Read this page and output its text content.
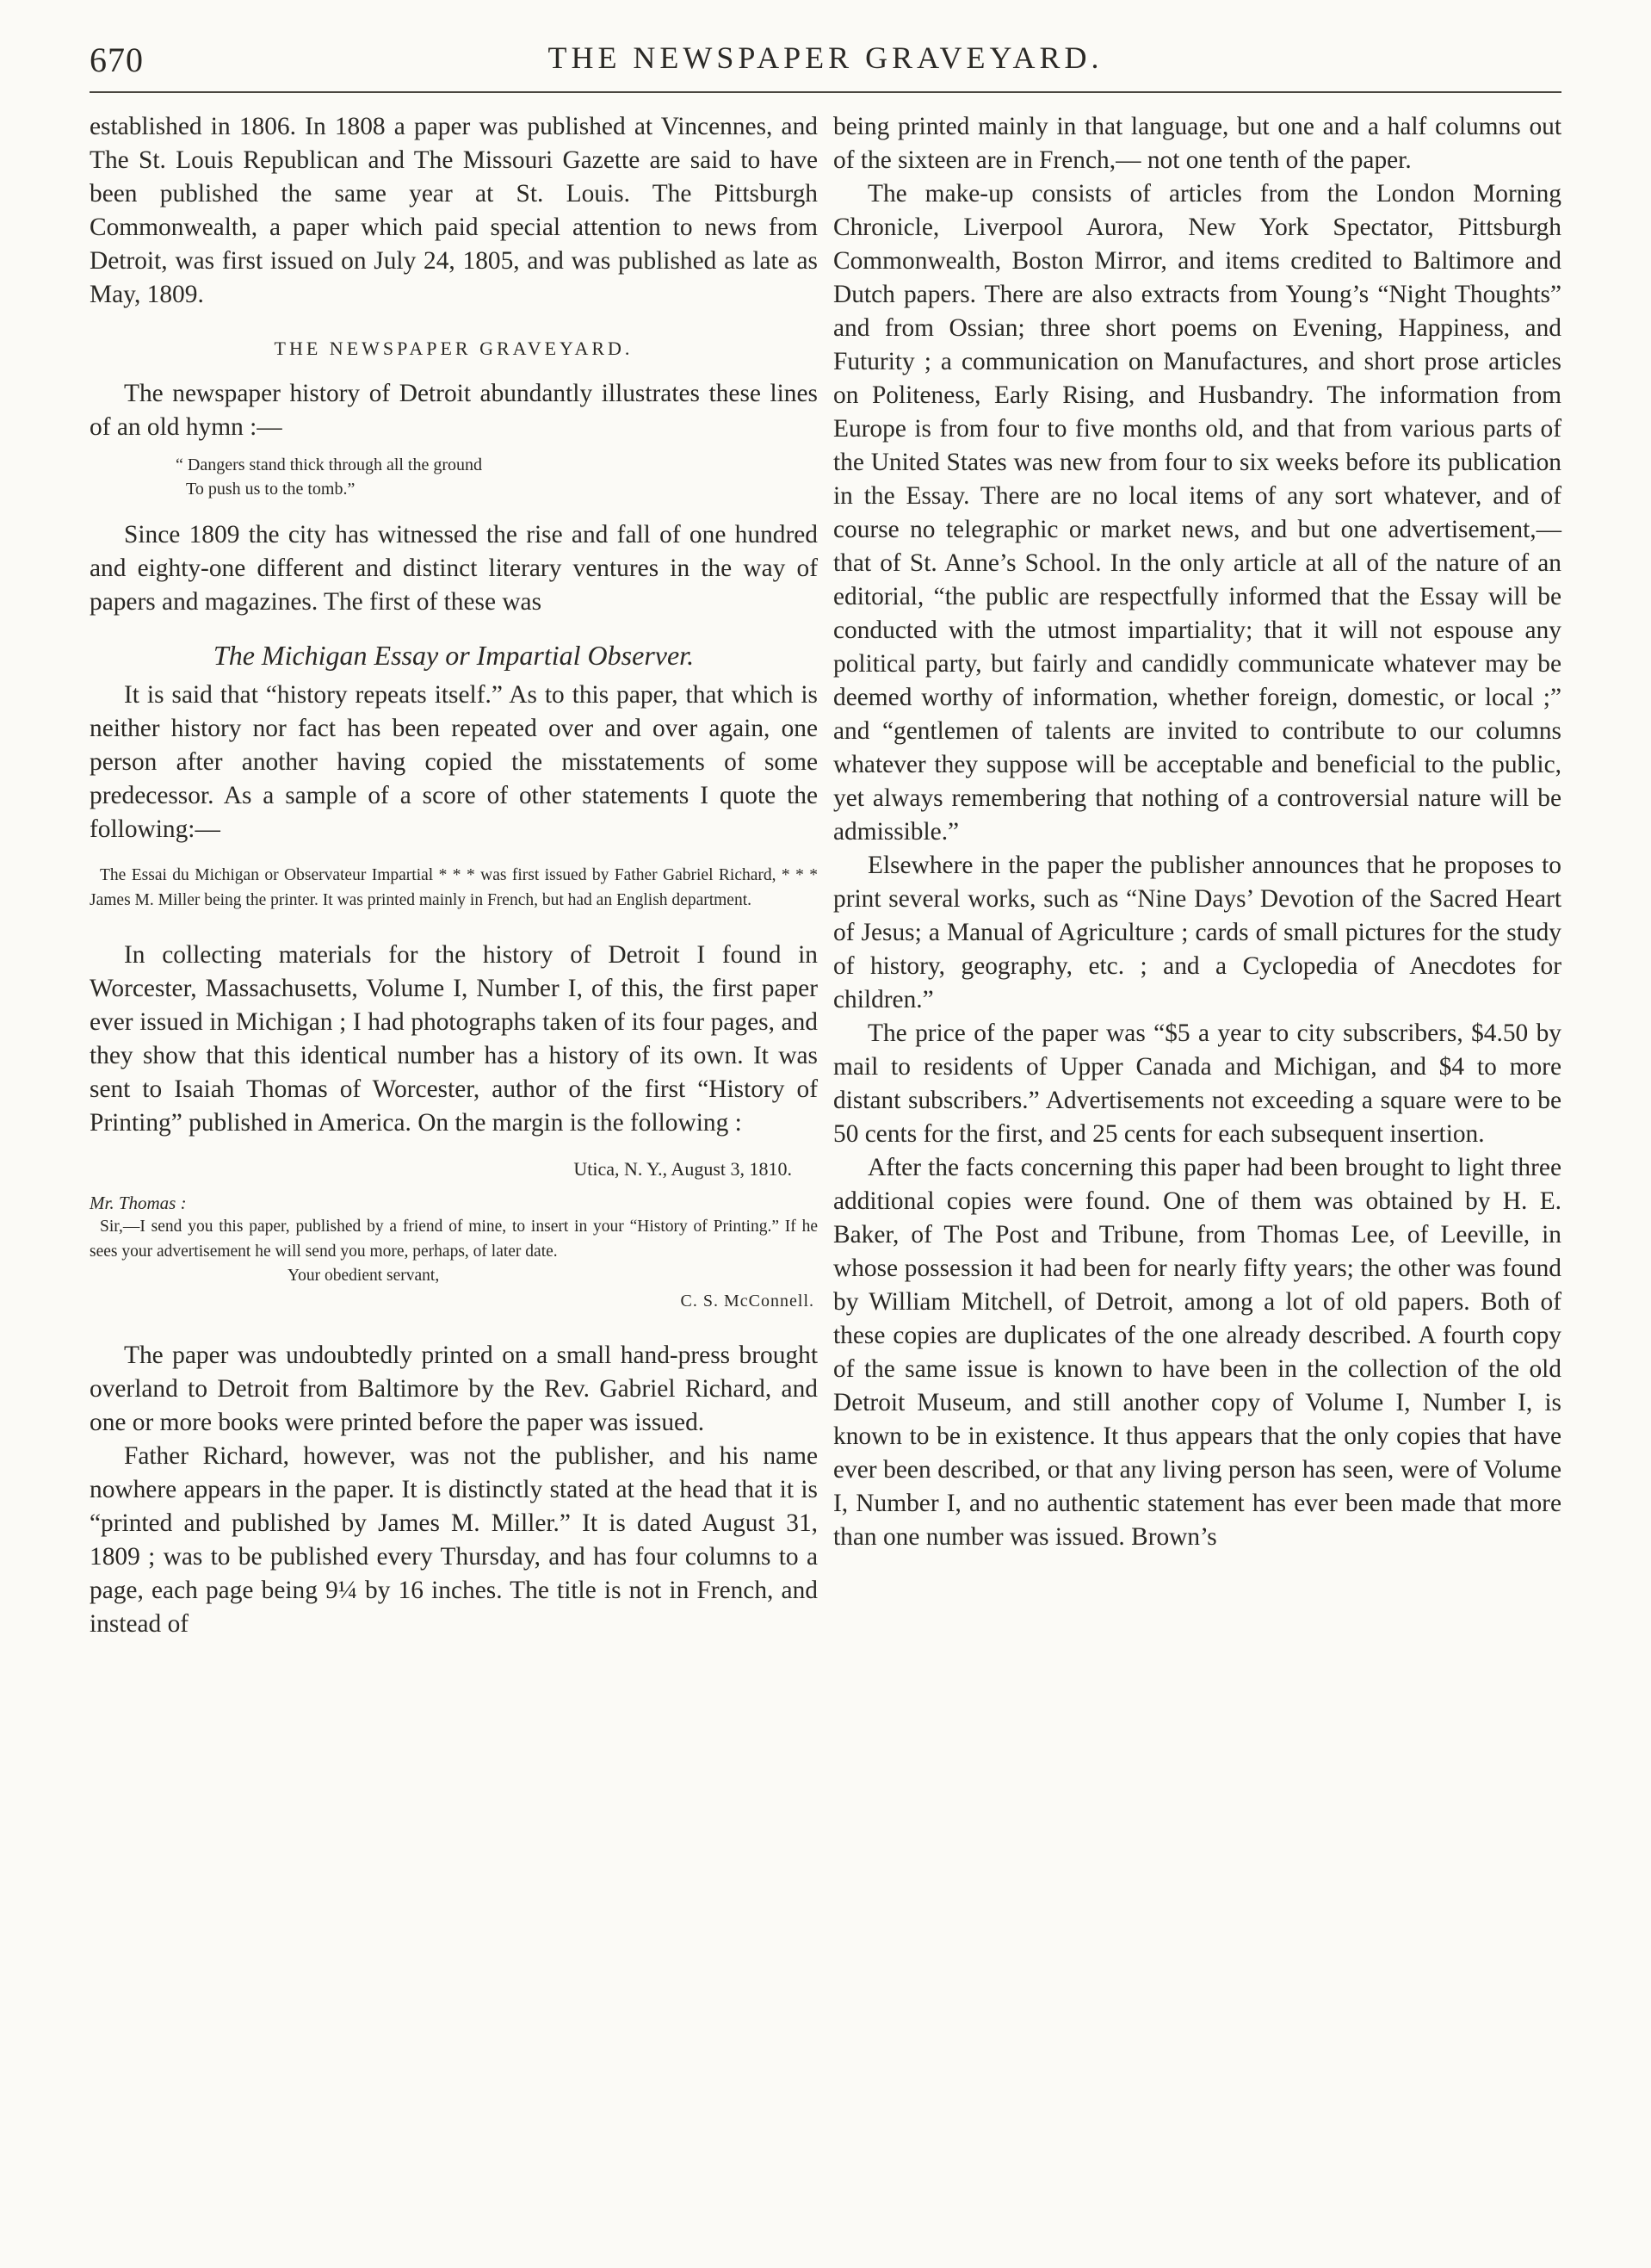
670	THE NEWSPAPER GRAVEYARD.

established in 1806. In 1808 a paper was published at Vincennes, and The St. Louis Republican and The Missouri Gazette are said to have been published the same year at St. Louis. The Pittsburgh Commonwealth, a paper which paid special attention to news from Detroit, was first issued on July 24, 1805, and was published as late as May, 1809.

THE NEWSPAPER GRAVEYARD.

The newspaper history of Detroit abundantly illustrates these lines of an old hymn :—

“ Dangers stand thick through all the ground
To push us to the tomb.”

Since 1809 the city has witnessed the rise and fall of one hundred and eighty-one different and distinct literary ventures in the way of papers and magazines. The first of these was

The Michigan Essay or Impartial Observer.

It is said that “history repeats itself.” As to this paper, that which is neither history nor fact has been repeated over and over again, one person after another having copied the misstatements of some predecessor. As a sample of a score of other statements I quote the following:—

The Essai du Michigan or Observateur Impartial * * * was first issued by Father Gabriel Richard, * * * James M. Miller being the printer. It was printed mainly in French, but had an English department.

In collecting materials for the history of Detroit I found in Worcester, Massachusetts, Volume I, Number I, of this, the first paper ever issued in Michigan ; I had photographs taken of its four pages, and they show that this identical number has a history of its own. It was sent to Isaiah Thomas of Worcester, author of the first “History of Printing” published in America. On the margin is the following :

Utica, N. Y., August 3, 1810.
Mr. Thomas :
Sir,—I send you this paper, published by a friend of mine, to insert in your “History of Printing.” If he sees your advertisement he will send you more, perhaps, of later date.
Your obedient servant,
C. S. McConnell.

The paper was undoubtedly printed on a small hand-press brought overland to Detroit from Baltimore by the Rev. Gabriel Richard, and one or more books were printed before the paper was issued.

Father Richard, however, was not the publisher, and his name nowhere appears in the paper. It is distinctly stated at the head that it is “printed and published by James M. Miller.” It is dated August 31, 1809 ; was to be published every Thursday, and has four columns to a page, each page being 9¼ by 16 inches. The title is not in French, and instead of

being printed mainly in that language, but one and a half columns out of the sixteen are in French,— not one tenth of the paper.

The make-up consists of articles from the London Morning Chronicle, Liverpool Aurora, New York Spectator, Pittsburgh Commonwealth, Boston Mirror, and items credited to Baltimore and Dutch papers. There are also extracts from Young’s “Night Thoughts” and from Ossian; three short poems on Evening, Happiness, and Futurity ; a communication on Manufactures, and short prose articles on Politeness, Early Rising, and Husbandry. The information from Europe is from four to five months old, and that from various parts of the United States was new from four to six weeks before its publication in the Essay. There are no local items of any sort whatever, and of course no telegraphic or market news, and but one advertisement,— that of St. Anne’s School. In the only article at all of the nature of an editorial, “the public are respectfully informed that the Essay will be conducted with the utmost impartiality; that it will not espouse any political party, but fairly and candidly communicate whatever may be deemed worthy of information, whether foreign, domestic, or local ;” and “gentlemen of talents are invited to contribute to our columns whatever they suppose will be acceptable and beneficial to the public, yet always remembering that nothing of a controversial nature will be admissible.”

Elsewhere in the paper the publisher announces that he proposes to print several works, such as “Nine Days’ Devotion of the Sacred Heart of Jesus; a Manual of Agriculture ; cards of small pictures for the study of history, geography, etc. ; and a Cyclopedia of Anecdotes for children.”

The price of the paper was “$5 a year to city subscribers, $4.50 by mail to residents of Upper Canada and Michigan, and $4 to more distant subscribers.” Advertisements not exceeding a square were to be 50 cents for the first, and 25 cents for each subsequent insertion.

After the facts concerning this paper had been brought to light three additional copies were found. One of them was obtained by H. E. Baker, of The Post and Tribune, from Thomas Lee, of Leeville, in whose possession it had been for nearly fifty years; the other was found by William Mitchell, of Detroit, among a lot of old papers. Both of these copies are duplicates of the one already described. A fourth copy of the same issue is known to have been in the collection of the old Detroit Museum, and still another copy of Volume I, Number I, is known to be in existence. It thus appears that the only copies that have ever been described, or that any living person has seen, were of Volume I, Number I, and no authentic statement has ever been made that more than one number was issued. Brown’s
